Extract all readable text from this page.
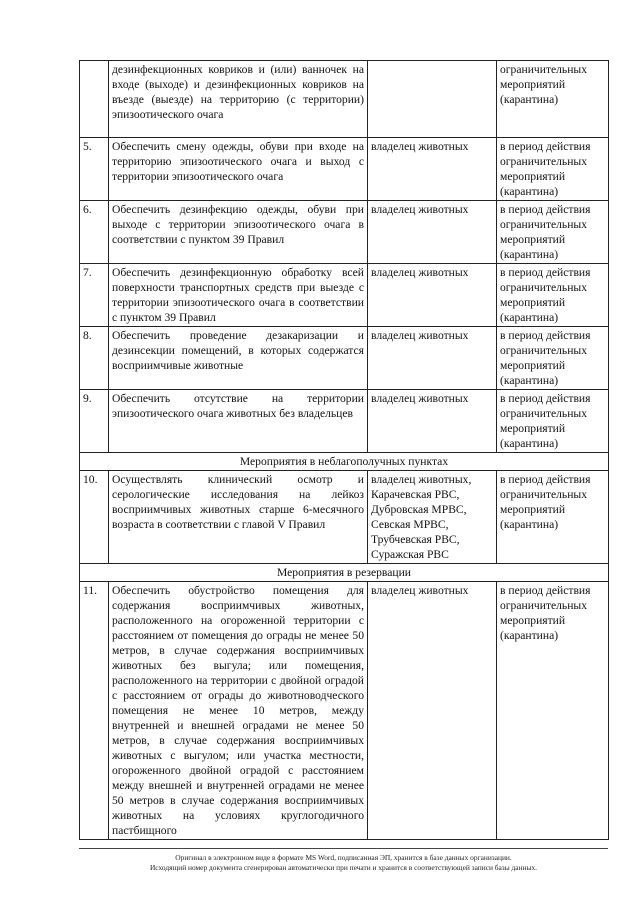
	дезинфекционных ковриков и (или) ванночек на входе (выходе) и дезинфекционных ковриков на въезде (выезде) на территорию (с территории) эпизоотического очага		ограничительных мероприятий (карантина)
5.	Обеспечить смену одежды, обуви при входе на территорию эпизоотического очага и выход с территории эпизоотического очага	владелец животных	в период действия ограничительных мероприятий (карантина)
6.	Обеспечить дезинфекцию одежды, обуви при выходе с территории эпизоотического очага в соответствии с пунктом 39 Правил	владелец животных	в период действия ограничительных мероприятий (карантина)
7.	Обеспечить дезинфекционную обработку всей поверхности транспортных средств при выезде с территории эпизоотического очага в соответствии с пунктом 39 Правил	владелец животных	в период действия ограничительных мероприятий (карантина)
8.	Обеспечить проведение дезакаризации и дезинсекции помещений, в которых содержатся восприимчивые животные	владелец животных	в период действия ограничительных мероприятий (карантина)
9.	Обеспечить отсутствие на территории эпизоотического очага животных без владельцев	владелец животных	в период действия ограничительных мероприятий (карантина)
Мероприятия в неблагополучных пунктах			
10.	Осуществлять клинический осмотр и серологические исследования на лейкоз восприимчивых животных старше 6-месячного возраста в соответствии с главой V Правил	владелец животных, Карачевская РВС, Дубровская МРВС, Севская МРВС, Трубчевская РВС, Суражская РВС	в период действия ограничительных мероприятий (карантина)
Мероприятия в резервации			
11.	Обеспечить обустройство помещения для содержания восприимчивых животных, расположенного на огороженной территории с расстоянием от помещения до ограды не менее 50 метров, в случае содержания восприимчивых животных без выгула; или помещения, расположенного на территории с двойной оградой с расстоянием от ограды до животноводческого помещения не менее 10 метров, между внутренней и внешней оградами не менее 50 метров, в случае содержания восприимчивых животных с выгулом; или участка местности, огороженного двойной оградой с расстоянием между внешней и внутренней оградами не менее 50 метров в случае содержания восприимчивых животных на условиях круглогодичного пастбищного	владелец животных	в период действия ограничительных мероприятий (карантина)
Оригинал в электронном виде в формате MS Word, подписанная ЭП, хранится в базе данных организации.
Исходящий номер документа сгенерирован автоматически при печати и хранится в соответствующей записи базы данных.
